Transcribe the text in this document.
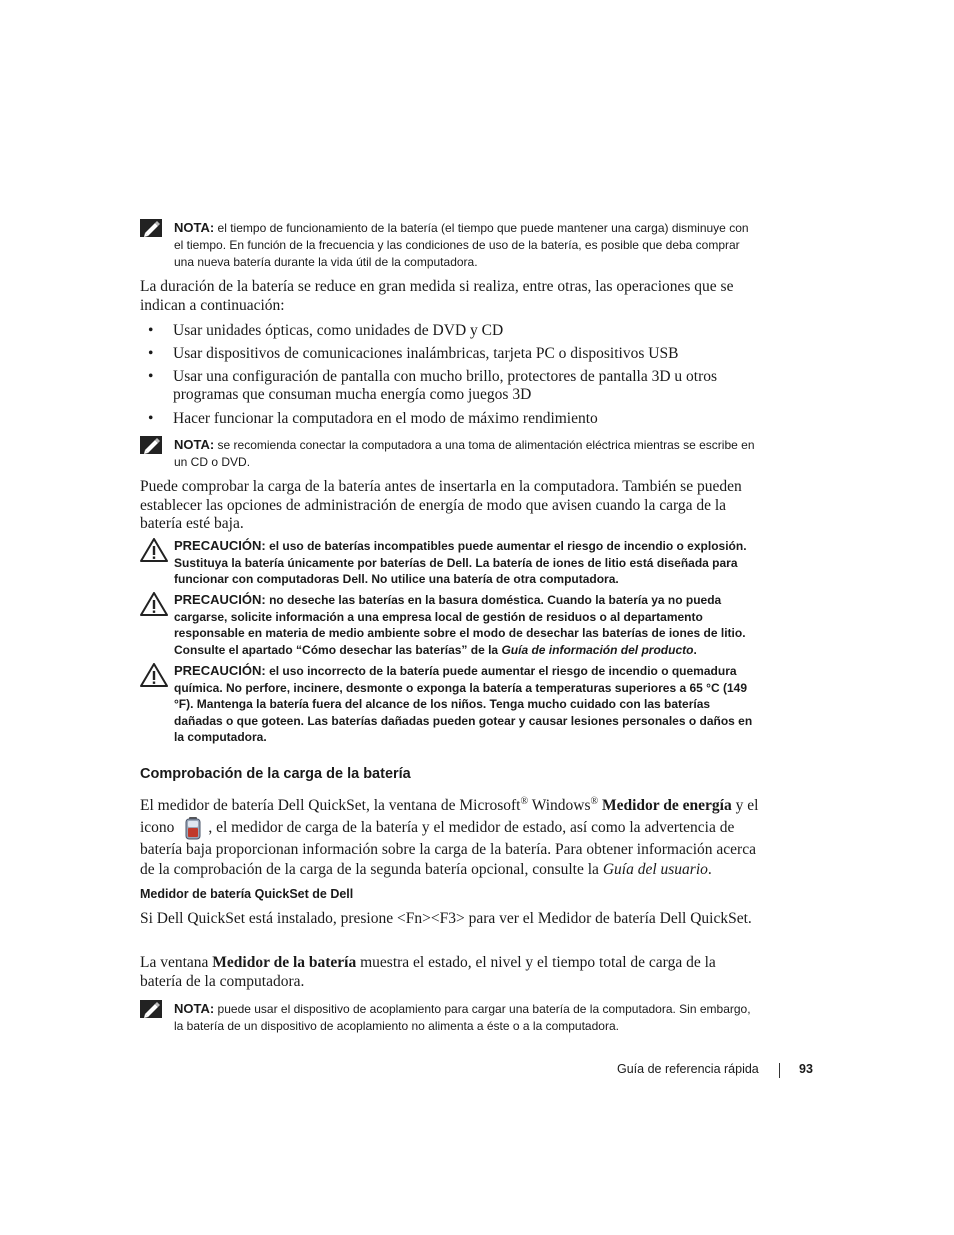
NOTA: el tiempo de funcionamiento de la batería (el tiempo que puede mantener una carga) disminuye con el tiempo. En función de la frecuencia y las condiciones de uso de la batería, es posible que deba comprar una nueva batería durante la vida útil de la computadora.
La duración de la batería se reduce en gran medida si realiza, entre otras, las operaciones que se indican a continuación:
• Usar unidades ópticas, como unidades de DVD y CD
• Usar dispositivos de comunicaciones inalámbricas, tarjeta PC o dispositivos USB
• Usar una configuración de pantalla con mucho brillo, protectores de pantalla 3D u otros programas que consuman mucha energía como juegos 3D
• Hacer funcionar la computadora en el modo de máximo rendimiento
NOTA: se recomienda conectar la computadora a una toma de alimentación eléctrica mientras se escribe en un CD o DVD.
Puede comprobar la carga de la batería antes de insertarla en la computadora. También se pueden establecer las opciones de administración de energía de modo que avisen cuando la carga de la batería esté baja.
PRECAUCIÓN: el uso de baterías incompatibles puede aumentar el riesgo de incendio o explosión. Sustituya la batería únicamente por baterías de Dell. La batería de iones de litio está diseñada para funcionar con computadoras Dell. No utilice una batería de otra computadora.
PRECAUCIÓN: no deseche las baterías en la basura doméstica. Cuando la batería ya no pueda cargarse, solicite información a una empresa local de gestión de residuos o al departamento responsable en materia de medio ambiente sobre el modo de desechar las baterías de iones de litio. Consulte el apartado “Cómo desechar las baterías” de la Guía de información del producto.
PRECAUCIÓN: el uso incorrecto de la batería puede aumentar el riesgo de incendio o quemadura química. No perfore, incinere, desmonte o exponga la batería a temperaturas superiores a 65 °C (149 °F). Mantenga la batería fuera del alcance de los niños. Tenga mucho cuidado con las baterías dañadas o que goteen. Las baterías dañadas pueden gotear y causar lesiones personales o daños en la computadora.
Comprobación de la carga de la batería
El medidor de batería Dell QuickSet, la ventana de Microsoft® Windows® Medidor de energía y el icono , el medidor de carga de la batería y el medidor de estado, así como la advertencia de batería baja proporcionan información sobre la carga de la batería. Para obtener información acerca de la comprobación de la carga de la segunda batería opcional, consulte la Guía del usuario.
Medidor de batería QuickSet de Dell
Si Dell QuickSet está instalado, presione <Fn><F3> para ver el Medidor de batería Dell QuickSet.
La ventana Medidor de la batería muestra el estado, el nivel y el tiempo total de carga de la batería de la computadora.
NOTA: puede usar el dispositivo de acoplamiento para cargar una batería de la computadora. Sin embargo, la batería de un dispositivo de acoplamiento no alimenta a éste o a la computadora.
Guía de referencia rápida	93
